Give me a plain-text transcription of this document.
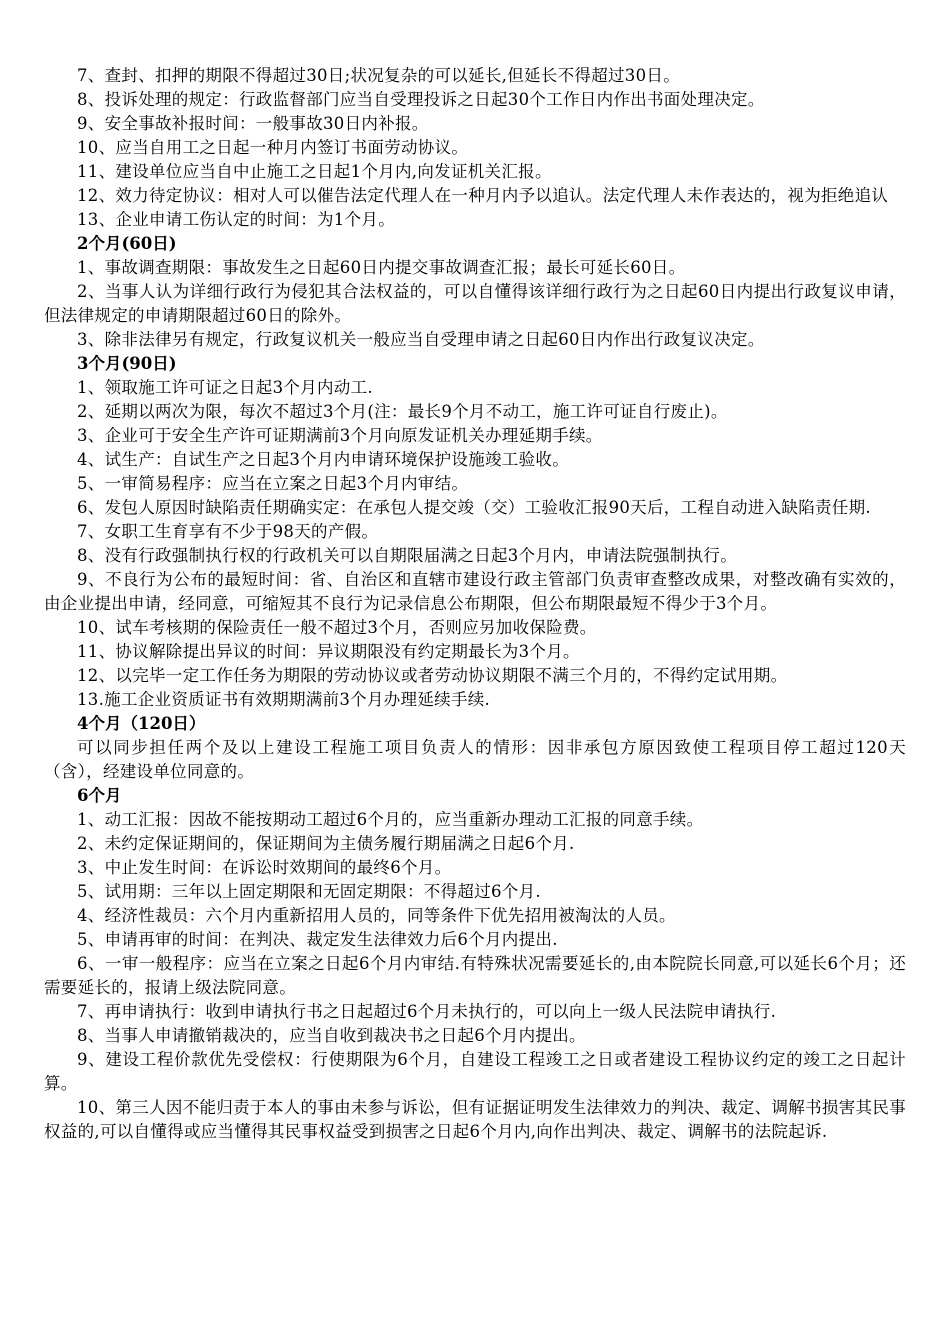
7、查封、扣押的期限不得超过30日;状况复杂的可以延长,但延长不得超过30日。

8、投诉处理的规定：行政监督部门应当自受理投诉之日起30个工作日内作出书面处理决定。

9、安全事故补报时间：一般事故30日内补报。

10、应当自用工之日起一种月内签订书面劳动协议。

11、建设单位应当自中止施工之日起1个月内,向发证机关汇报。

12、效力待定协议：相对人可以催告法定代理人在一种月内予以追认。法定代理人未作表达的，视为拒绝追认

13、企业申请工伤认定的时间：为1个月。

2个月(60日)

1、事故调查期限：事故发生之日起60日内提交事故调查汇报；最长可延长60日。

2、当事人认为详细行政行为侵犯其合法权益的，可以自懂得该详细行政行为之日起60日内提出行政复议申请，但法律规定的申请期限超过60日的除外。

3、除非法律另有规定，行政复议机关一般应当自受理申请之日起60日内作出行政复议决定。

3个月(90日)

1、领取施工许可证之日起3个月内动工.

2、延期以两次为限，每次不超过3个月(注：最长9个月不动工，施工许可证自行废止)。

3、企业可于安全生产许可证期满前3个月向原发证机关办理延期手续。

4、试生产：自试生产之日起3个月内申请环境保护设施竣工验收。

5、一审简易程序：应当在立案之日起3个月内审结。

6、发包人原因时缺陷责任期确实定：在承包人提交竣（交）工验收汇报90天后，工程自动进入缺陷责任期.

7、女职工生育享有不少于98天的产假。

8、没有行政强制执行权的行政机关可以自期限届满之日起3个月内，申请法院强制执行。

9、不良行为公布的最短时间：省、自治区和直辖市建设行政主管部门负责审查整改成果，对整改确有实效的，由企业提出申请，经同意，可缩短其不良行为记录信息公布期限，但公布期限最短不得少于3个月。

10、试车考核期的保险责任一般不超过3个月，否则应另加收保险费。

11、协议解除提出异议的时间：异议期限没有约定期最长为3个月。

12、以完毕一定工作任务为期限的劳动协议或者劳动协议期限不满三个月的，不得约定试用期。

13.施工企业资质证书有效期期满前3个月办理延续手续.

4个月（120日）

可以同步担任两个及以上建设工程施工项目负责人的情形：因非承包方原因致使工程项目停工超过120天（含），经建设单位同意的。

6个月

1、动工汇报：因故不能按期动工超过6个月的，应当重新办理动工汇报的同意手续。

2、未约定保证期间的，保证期间为主债务履行期届满之日起6个月.

3、中止发生时间：在诉讼时效期间的最终6个月。

5、试用期：三年以上固定期限和无固定期限：不得超过6个月.

4、经济性裁员：六个月内重新招用人员的，同等条件下优先招用被淘汰的人员。

5、申请再审的时间：在判决、裁定发生法律效力后6个月内提出.

6、一审一般程序：应当在立案之日起6个月内审结.有特殊状况需要延长的,由本院院长同意,可以延长6个月；还需要延长的，报请上级法院同意。

7、再申请执行：收到申请执行书之日起超过6个月未执行的，可以向上一级人民法院申请执行.

8、当事人申请撤销裁决的，应当自收到裁决书之日起6个月内提出。

9、建设工程价款优先受偿权：行使期限为6个月，自建设工程竣工之日或者建设工程协议约定的竣工之日起计算。

10、第三人因不能归责于本人的事由未参与诉讼，但有证据证明发生法律效力的判决、裁定、调解书损害其民事权益的,可以自懂得或应当懂得其民事权益受到损害之日起6个月内,向作出判决、裁定、调解书的法院起诉.
